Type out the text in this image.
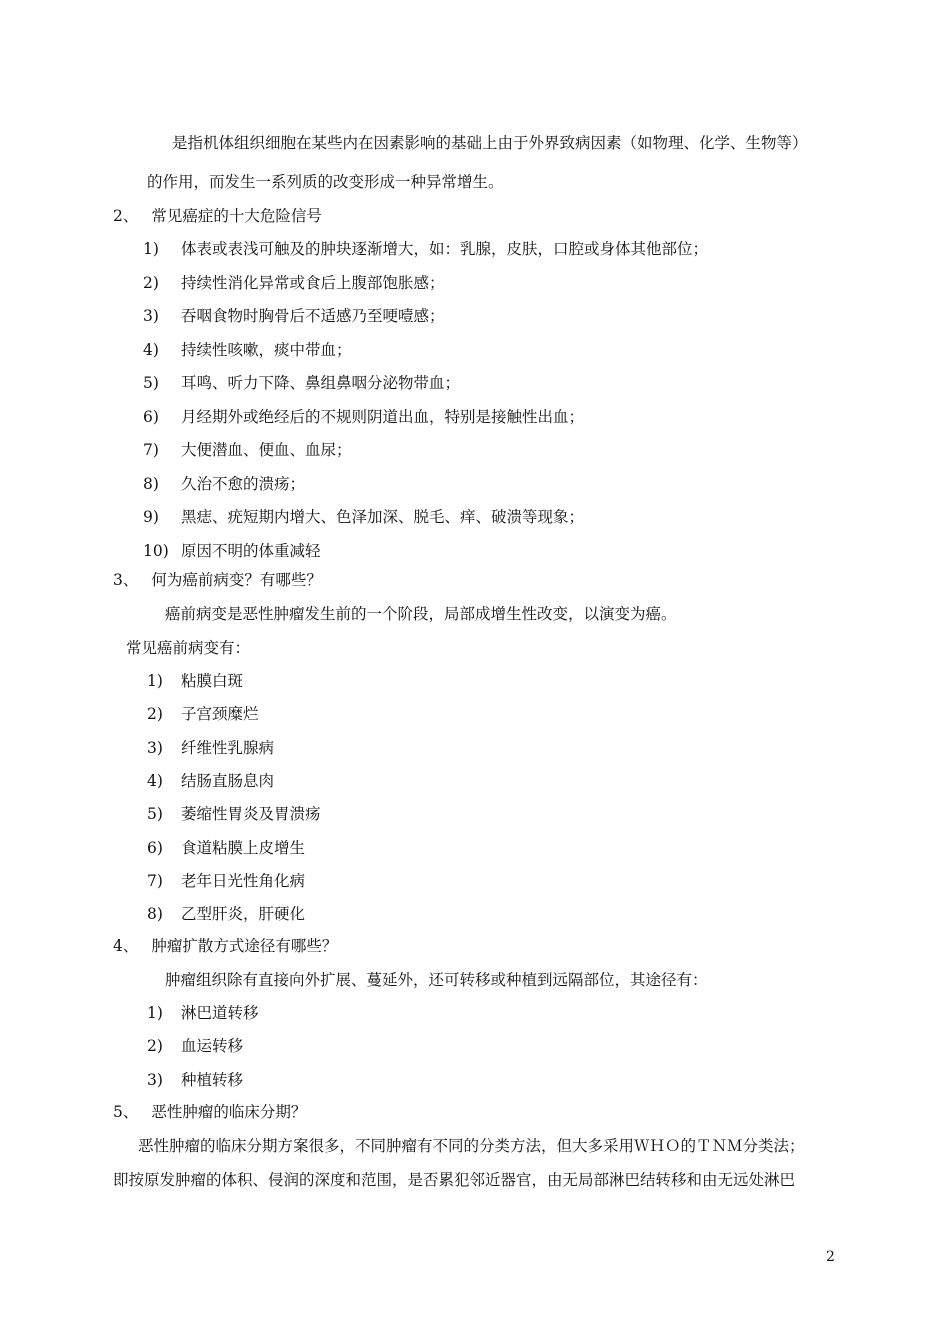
是指机体组织细胞在某些内在因素影响的基础上由于外界致病因素（如物理、化学、生物等）
的作用，而发生一系列质的改变形成一种异常增生。
2、 常见癌症的十大危险信号
1) 体表或表浅可触及的肿块逐渐增大，如：乳腺，皮肤，口腔或身体其他部位；
2) 持续性消化异常或食后上腹部饱胀感；
3) 吞咽食物时胸骨后不适感乃至哽噎感；
4) 持续性咳嗽，痰中带血；
5) 耳鸣、听力下降、鼻组鼻咽分泌物带血；
6) 月经期外或绝经后的不规则阴道出血，特别是接触性出血；
7) 大便潜血、便血、血尿；
8) 久治不愈的溃疡；
9) 黑痣、疣短期内增大、色泽加深、脱毛、痒、破溃等现象；
10) 原因不明的体重减轻
3、 何为癌前病变？有哪些？
癌前病变是恶性肿瘤发生前的一个阶段，局部成增生性改变，以演变为癌。
常见癌前病变有：
1) 粘膜白斑
2) 子宫颈糜烂
3) 纤维性乳腺病
4) 结肠直肠息肉
5) 萎缩性胃炎及胃溃疡
6) 食道粘膜上皮增生
7) 老年日光性角化病
8) 乙型肝炎，肝硬化
4、 肿瘤扩散方式途径有哪些？
肿瘤组织除有直接向外扩展、蔓延外，还可转移或种植到远隔部位，其途径有：
1) 淋巴道转移
2) 血运转移
3) 种植转移
5、 恶性肿瘤的临床分期？
恶性肿瘤的临床分期方案很多，不同肿瘤有不同的分类方法，但大多采用ＷＨＯ的ＴＮＭ分类法；
即按原发肿瘤的体积、侵润的深度和范围，是否累犯邻近器官，由无局部淋巴结转移和由无远处淋巴
2
